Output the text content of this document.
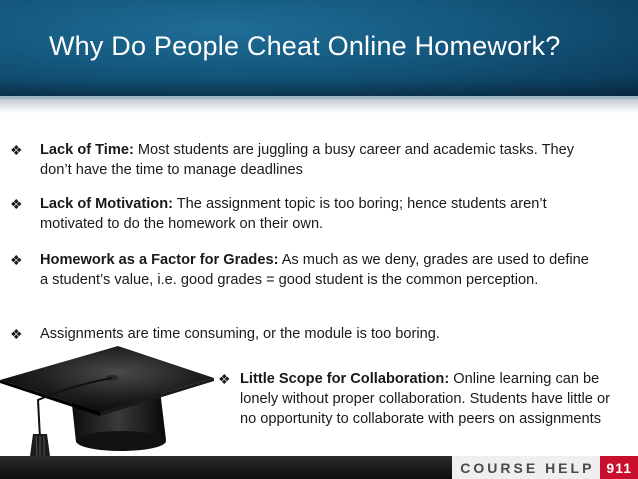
Why Do People Cheat Online Homework?
❖	Lack of Time: Most students are juggling a busy career and academic tasks. They don’t have the time to manage deadlines
❖	Lack of Motivation: The assignment topic is too boring; hence students aren’t motivated to do the homework on their own.
❖	Homework as a Factor for Grades: As much as we deny, grades are used to define a student’s value, i.e. good grades = good student is the common perception.
❖	Assignments are time consuming, or the module is too boring.
❖ Little Scope for Collaboration: Online learning can be lonely without proper collaboration. Students have little or no opportunity to collaborate with peers on assignments
COURSE HELP 911
